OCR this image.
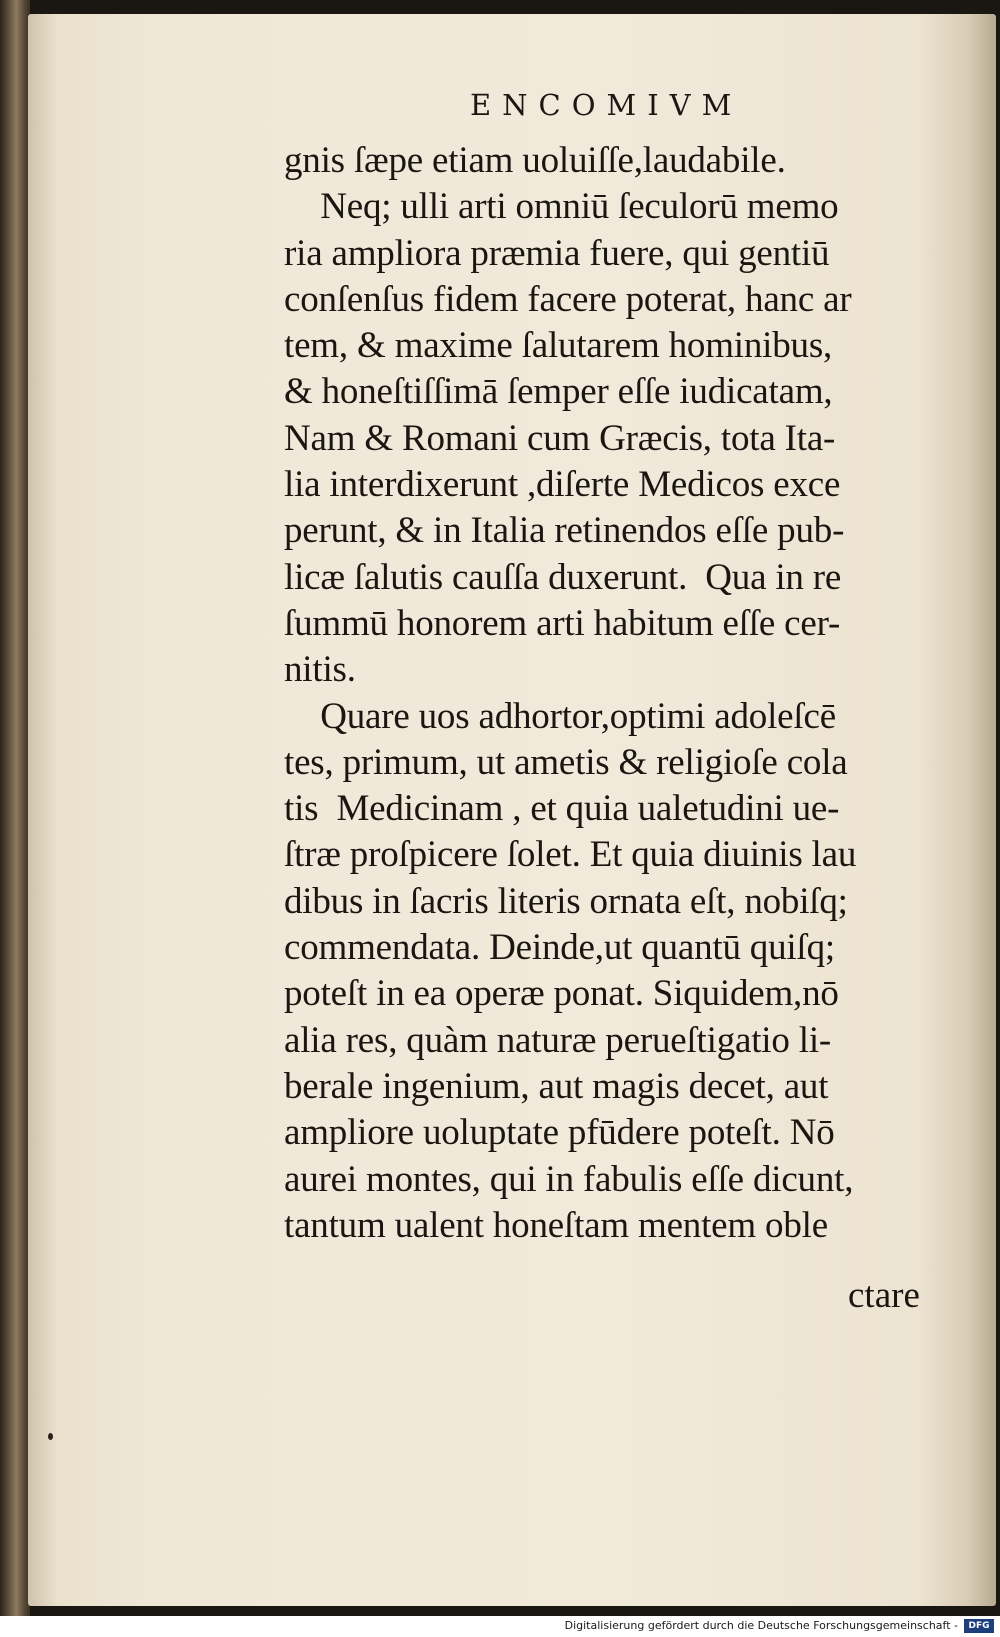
ENCOMIVM
gnis ſæpe etiam uoluiſſe,laudabile.
Neq; ulli arti omniū ſeculorū memo
ria ampliora præmia fuere, qui gentiū
conſenſus fidem facere poterat, hanc ar
tem, & maxime ſalutarem hominibus,
& honeſtiſſimā ſemper eſſe iudicatam,
Nam & Romani cum Græcis, tota Ita-
lia interdixerunt ,diſerte Medicos exce
perunt, & in Italia retinendos eſſe pub-
licæ ſalutis cauſſa duxerunt.  Qua in re
ſummū honorem arti habitum eſſe cer-
nitis.
Quare uos adhortor,optimi adoleſcē
tes, primum, ut ametis & religioſe cola
tis  Medicinam , et quia ualetudini ue-
ſtræ proſpicere ſolet. Et quia diuinis lau
dibus in ſacris literis ornata eſt, nobiſq;
commendata. Deinde,ut quantū quiſq;
poteſt in ea operæ ponat. Siquidem,nō
alia res, quàm naturæ perueſtigatio li-
berale ingenium, aut magis decet, aut
ampliore uoluptate pfūdere poteſt. Nō
aurei montes, qui in fabulis eſſe dicunt,
tantum ualent honeſtam mentem oble
ctare
Digitalisierung gefördert durch die Deutsche Forschungsgemeinschaft -	DFG
